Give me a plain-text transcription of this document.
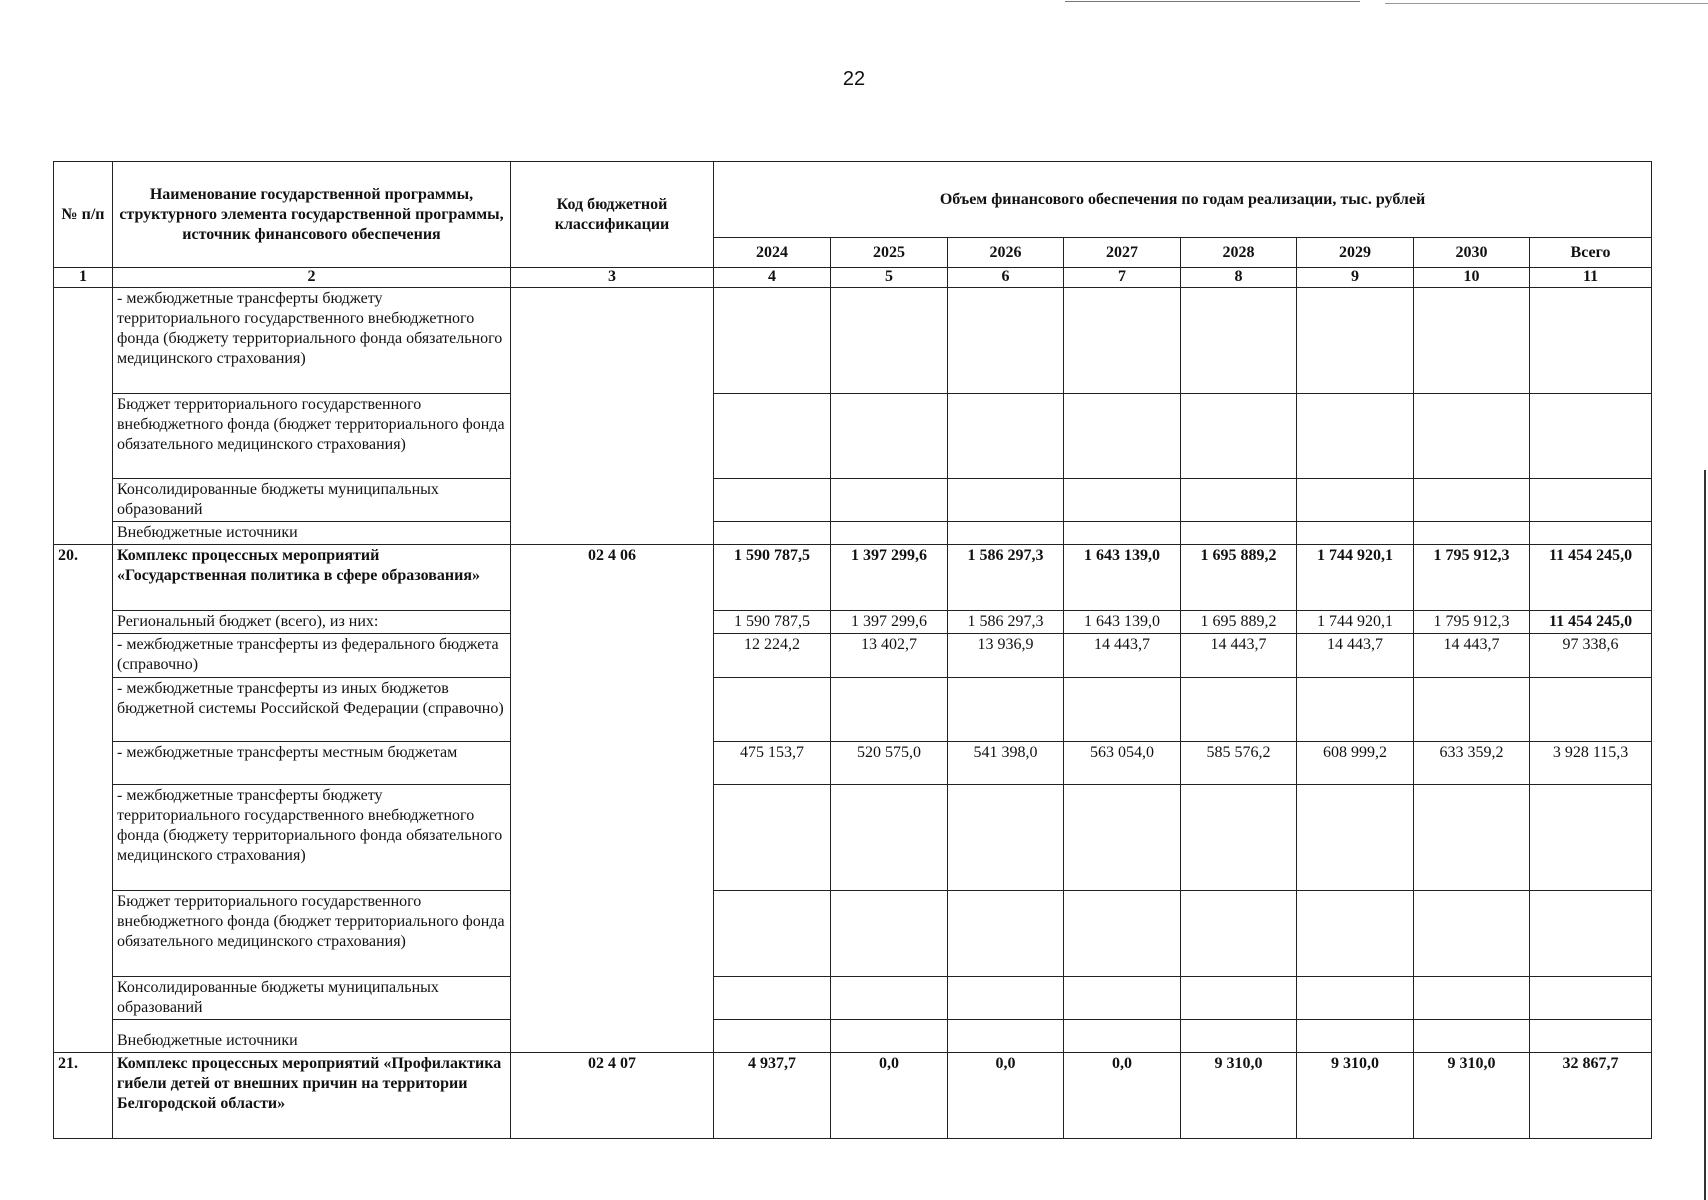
22
№ п/п	Наименование государственной программы, структурного элемента государственной программы, источник финансового обеспечения	Код бюджетной классификации	Объем финансового обеспечения по годам реализации, тыс. рублей							
			2024	2025	2026	2027	2028	2029	2030	Всего
1	2	3	4	5	6	7	8	9	10	11
	- межбюджетные трансферты бюджету территориального государственного внебюджетного фонда (бюджету территориального фонда обязательного медицинского страхования)									
	Бюджет территориального государственного внебюджетного фонда (бюджет территориального фонда обязательного медицинского страхования)									
	Консолидированные бюджеты муниципальных образований									
	Внебюджетные источники									
20.	Комплекс процессных мероприятий «Государственная политика в сфере образования»	02 4 06	1 590 787,5	1 397 299,6	1 586 297,3	1 643 139,0	1 695 889,2	1 744 920,1	1 795 912,3	11 454 245,0
	Региональный бюджет (всего), из них:		1 590 787,5	1 397 299,6	1 586 297,3	1 643 139,0	1 695 889,2	1 744 920,1	1 795 912,3	11 454 245,0
	- межбюджетные трансферты из федерального бюджета (справочно)		12 224,2	13 402,7	13 936,9	14 443,7	14 443,7	14 443,7	14 443,7	97 338,6
	- межбюджетные трансферты из иных бюджетов бюджетной системы Российской Федерации (справочно)									
	- межбюджетные трансферты местным бюджетам		475 153,7	520 575,0	541 398,0	563 054,0	585 576,2	608 999,2	633 359,2	3 928 115,3
	- межбюджетные трансферты бюджету территориального государственного внебюджетного фонда (бюджету территориального фонда обязательного медицинского страхования)									
	Бюджет территориального государственного внебюджетного фонда (бюджет территориального фонда обязательного медицинского страхования)									
	Консолидированные бюджеты муниципальных образований									
	Внебюджетные источники									
21.	Комплекс процессных мероприятий «Профилактика гибели детей от внешних причин на территории Белгородской области»	02 4 07	4 937,7	0,0	0,0	0,0	9 310,0	9 310,0	9 310,0	32 867,7
